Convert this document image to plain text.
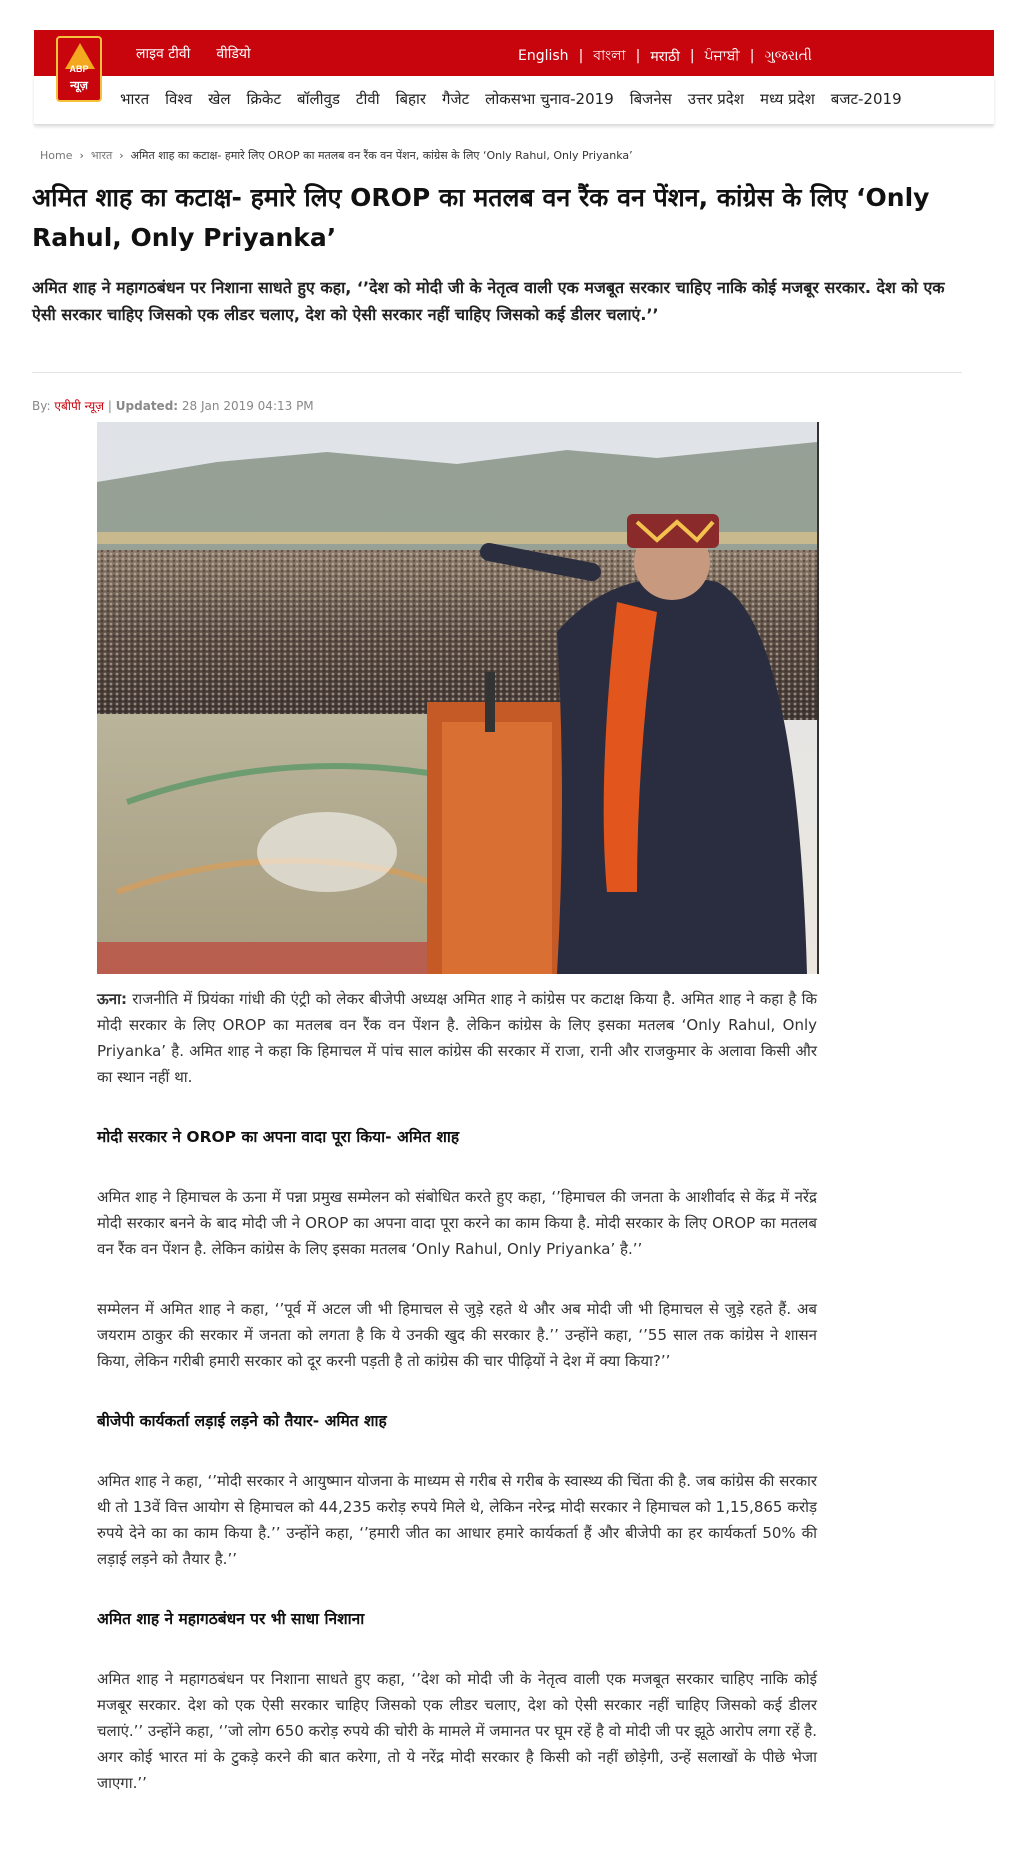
लाइव टीवी वीडियो	English | বাংলা | मराठी | ਪੰਜਾਬੀ | ગુજરાતી
ABP
न्यूज़
भारत विश्व खेल क्रिकेट बॉलीवुड टीवी बिहार गैजेट लोकसभा चुनाव-2019 बिजनेस उत्तर प्रदेश मध्य प्रदेश बजट-2019
Home › भारत › अमित शाह का कटाक्ष- हमारे लिए OROP का मतलब वन रैंक वन पेंशन, कांग्रेस के लिए ‘Only Rahul, Only Priyanka’
अमित शाह का कटाक्ष- हमारे लिए OROP का मतलब वन रैंक वन पेंशन, कांग्रेस के लिए ‘Only Rahul, Only Priyanka’

अमित शाह ने महागठबंधन पर निशाना साधते हुए कहा, ‘’देश को मोदी जी के नेतृत्व वाली एक मजबूत सरकार चाहिए नाकि कोई मजबूर सरकार. देश को एक ऐसी सरकार चाहिए जिसको एक लीडर चलाए, देश को ऐसी सरकार नहीं चाहिए जिसको कई डीलर चलाएं.’’

By: एबीपी न्यूज़ | Updated: 28 Jan 2019 04:13 PM

ऊना: राजनीति में प्रियंका गांधी की एंट्री को लेकर बीजेपी अध्यक्ष अमित शाह ने कांग्रेस पर कटाक्ष किया है. अमित शाह ने कहा है कि मोदी सरकार के लिए OROP का मतलब वन रैंक वन पेंशन है. लेकिन कांग्रेस के लिए इसका मतलब ‘Only Rahul, Only Priyanka’ है. अमित शाह ने कहा कि हिमाचल में पांच साल कांग्रेस की सरकार में राजा, रानी और राजकुमार के अलावा किसी और का स्थान नहीं था.

मोदी सरकार ने OROP का अपना वादा पूरा किया- अमित शाह

अमित शाह ने हिमाचल के ऊना में पन्ना प्रमुख सम्मेलन को संबोधित करते हुए कहा, ‘’हिमाचल की जनता के आशीर्वाद से केंद्र में नरेंद्र मोदी सरकार बनने के बाद मोदी जी ने OROP का अपना वादा पूरा करने का काम किया है. मोदी सरकार के लिए OROP का मतलब वन रैंक वन पेंशन है. लेकिन कांग्रेस के लिए इसका मतलब ‘Only Rahul, Only Priyanka’ है.’’

सम्मेलन में अमित शाह ने कहा, ‘’पूर्व में अटल जी भी हिमाचल से जुड़े रहते थे और अब मोदी जी भी हिमाचल से जुड़े रहते हैं. अब जयराम ठाकुर की सरकार में जनता को लगता है कि ये उनकी खुद की सरकार है.’’ उन्होंने कहा, ‘’55 साल तक कांग्रेस ने शासन किया, लेकिन गरीबी हमारी सरकार को दूर करनी पड़ती है तो कांग्रेस की चार पीढ़ियों ने देश में क्या किया?’’

बीजेपी कार्यकर्ता लड़ाई लड़ने को तैयार- अमित शाह

अमित शाह ने कहा, ‘’मोदी सरकार ने आयुष्मान योजना के माध्यम से गरीब से गरीब के स्वास्थ्य की चिंता की है. जब कांग्रेस की सरकार थी तो 13वें वित्त आयोग से हिमाचल को 44,235 करोड़ रुपये मिले थे, लेकिन नरेन्द्र मोदी सरकार ने हिमाचल को 1,15,865 करोड़ रुपये देने का का काम किया है.’’ उन्होंने कहा, ‘’हमारी जीत का आधार हमारे कार्यकर्ता हैं और बीजेपी का हर कार्यकर्ता 50% की लड़ाई लड़ने को तैयार है.’’

अमित शाह ने महागठबंधन पर भी साधा निशाना

अमित शाह ने महागठबंधन पर निशाना साधते हुए कहा, ‘’देश को मोदी जी के नेतृत्व वाली एक मजबूत सरकार चाहिए नाकि कोई मजबूर सरकार. देश को एक ऐसी सरकार चाहिए जिसको एक लीडर चलाए, देश को ऐसी सरकार नहीं चाहिए जिसको कई डीलर चलाएं.’’ उन्होंने कहा, ‘’जो लोग 650 करोड़ रुपये की चोरी के मामले में जमानत पर घूम रहें है वो मोदी जी पर झूठे आरोप लगा रहें है. अगर कोई भारत मां के टुकड़े करने की बात करेगा, तो ये नरेंद्र मोदी सरकार है किसी को नहीं छोड़ेगी, उन्हें सलाखों के पीछे भेजा जाएगा.’’
